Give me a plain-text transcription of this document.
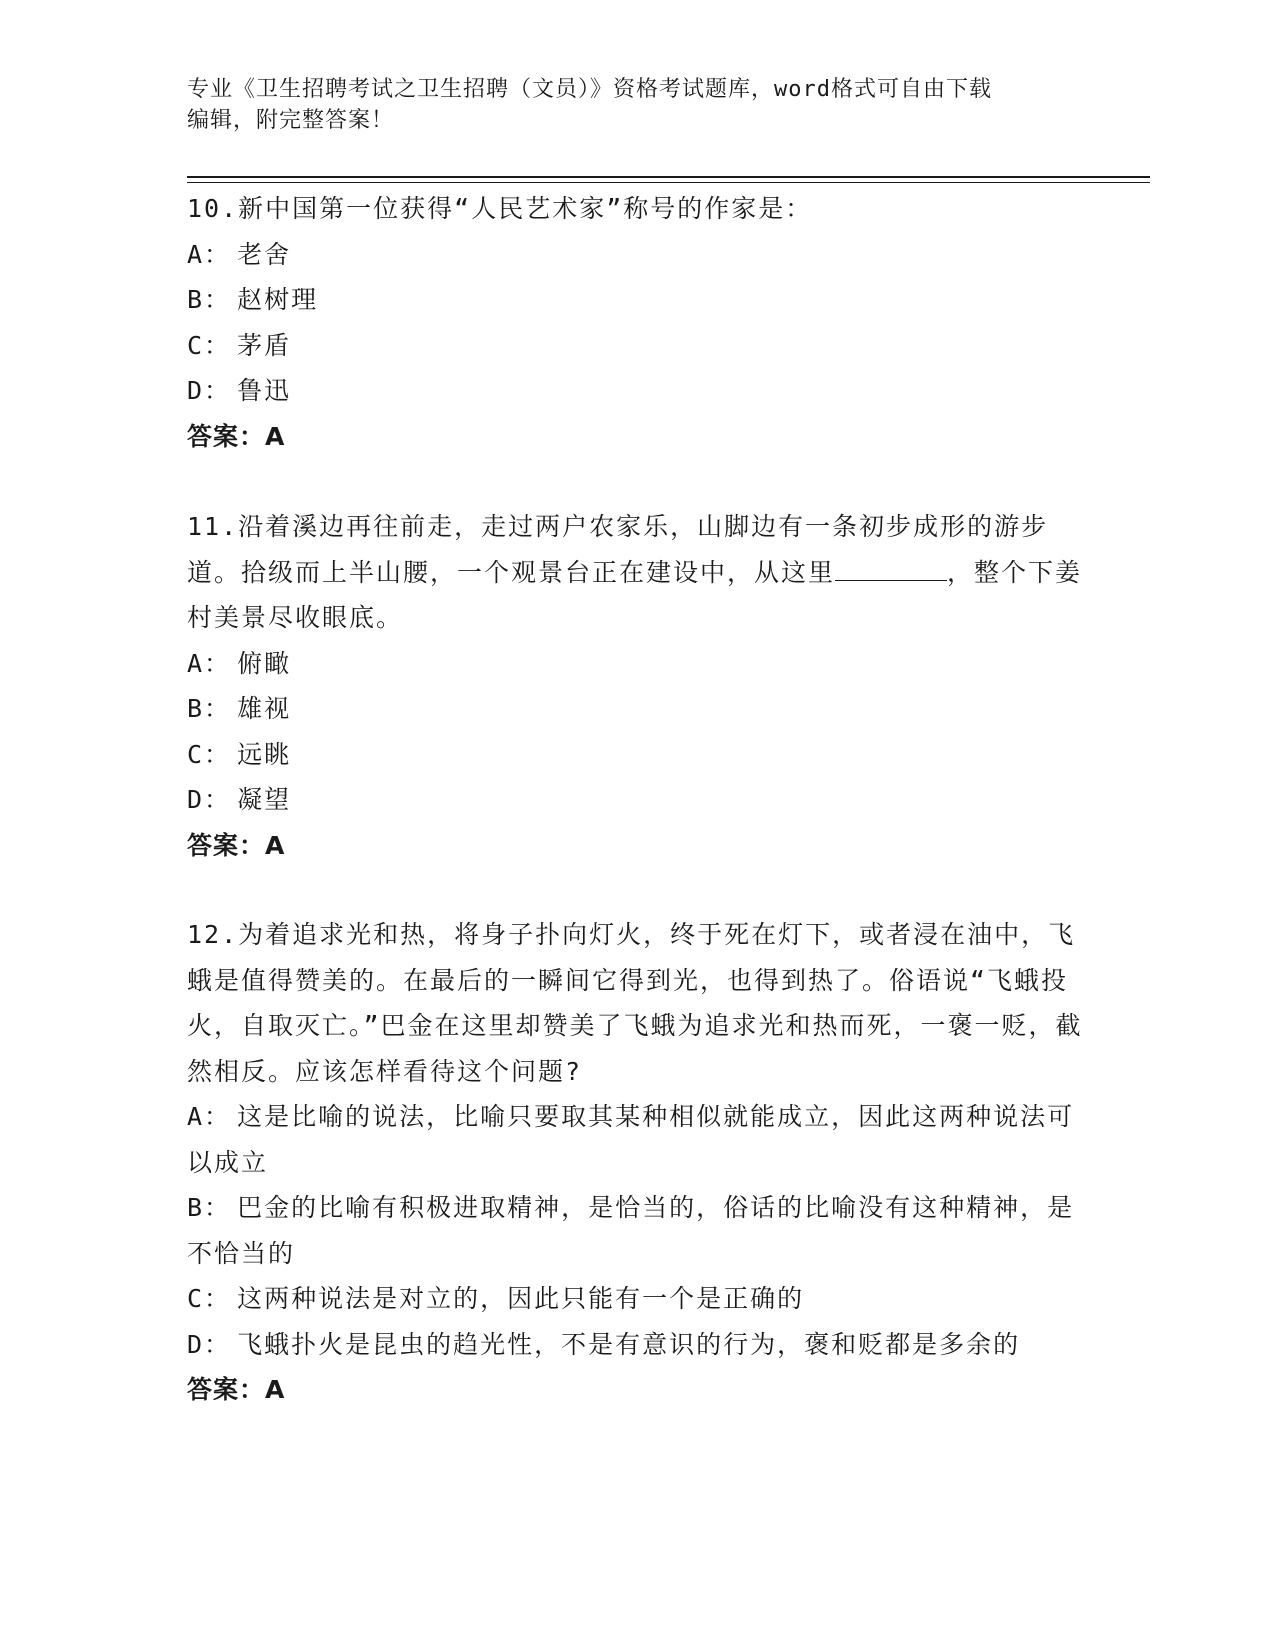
专业《卫生招聘考试之卫生招聘（文员）》资格考试题库，word格式可自由下载
编辑，附完整答案！
10.新中国第一位获得“人民艺术家”称号的作家是：
A： 老舍
B： 赵树理
C： 茅盾
D： 鲁迅
答案：A
11.沿着溪边再往前走，走过两户农家乐，山脚边有一条初步成形的游步道。拾级而上半山腰，一个观景台正在建设中，从这里	，整个下姜村美景尽收眼底。
A： 俯瞰
B： 雄视
C： 远眺
D： 凝望
答案：A
12.为着追求光和热，将身子扑向灯火，终于死在灯下，或者浸在油中，飞蛾是值得赞美的。在最后的一瞬间它得到光，也得到热了。俗语说“飞蛾投火，自取灭亡。”巴金在这里却赞美了飞蛾为追求光和热而死，一褒一贬，截然相反。应该怎样看待这个问题?
A： 这是比喻的说法，比喻只要取其某种相似就能成立，因此这两种说法可以成立
B： 巴金的比喻有积极进取精神，是恰当的，俗话的比喻没有这种精神，是不恰当的
C： 这两种说法是对立的，因此只能有一个是正确的
D： 飞蛾扑火是昆虫的趋光性，不是有意识的行为，褒和贬都是多余的
答案：A
